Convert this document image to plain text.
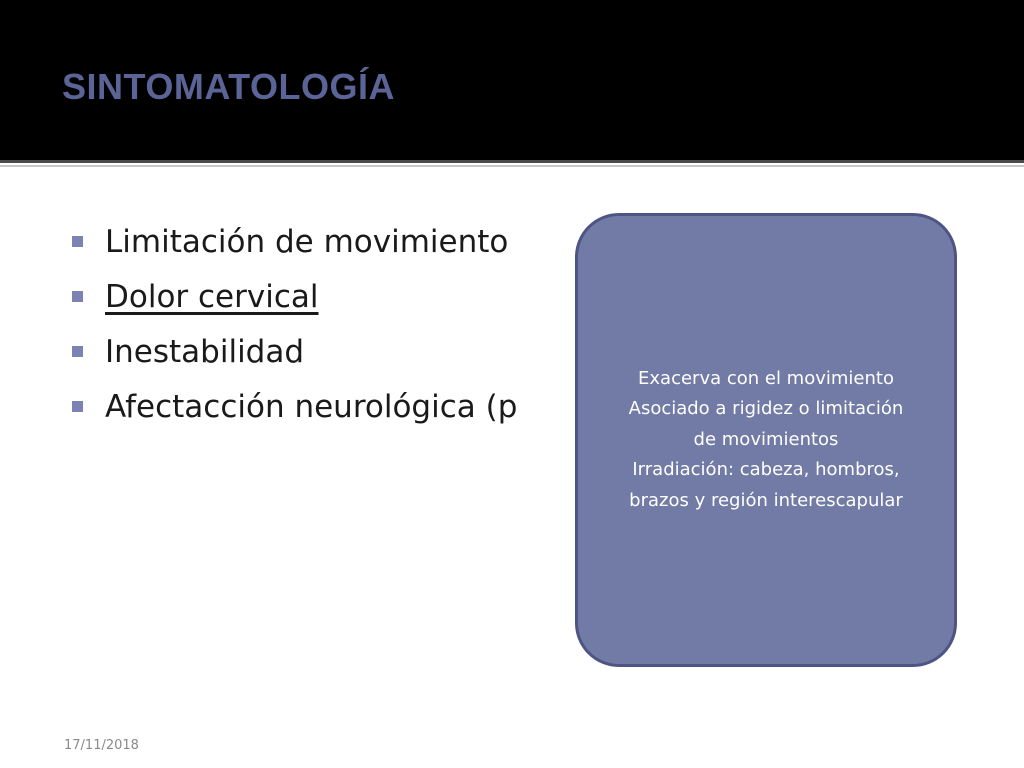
SINTOMATOLOGÍA
Limitación de movimiento
Dolor cervical
Inestabilidad
Afectacción neurológica (p
Exacerva con el movimiento
Asociado a rigidez o limitación
de movimientos
Irradiación: cabeza, hombros,
brazos y región interescapular
17/11/2018
